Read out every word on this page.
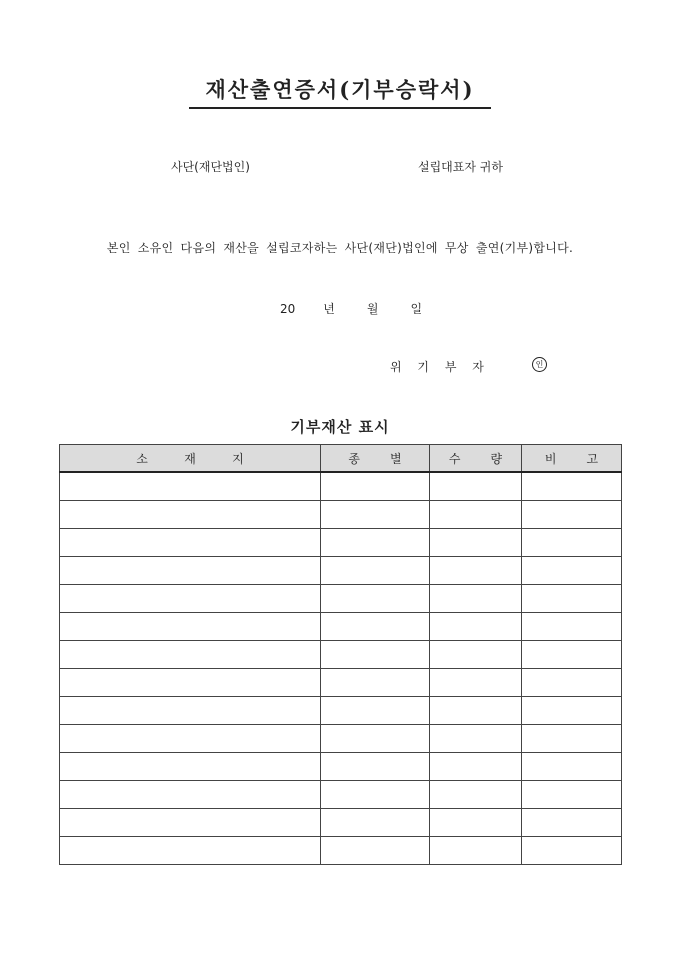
재산출연증서(기부승락서)
사단(재단법인)	설립대표자 귀하
본인 소유인 다음의 재산을 설립코자하는 사단(재단)법인에 무상 출연(기부)합니다.
20 년	월	일
위 기 부 자	인
기부재산 표시
소 재 지	종 별	수 량	비 고
